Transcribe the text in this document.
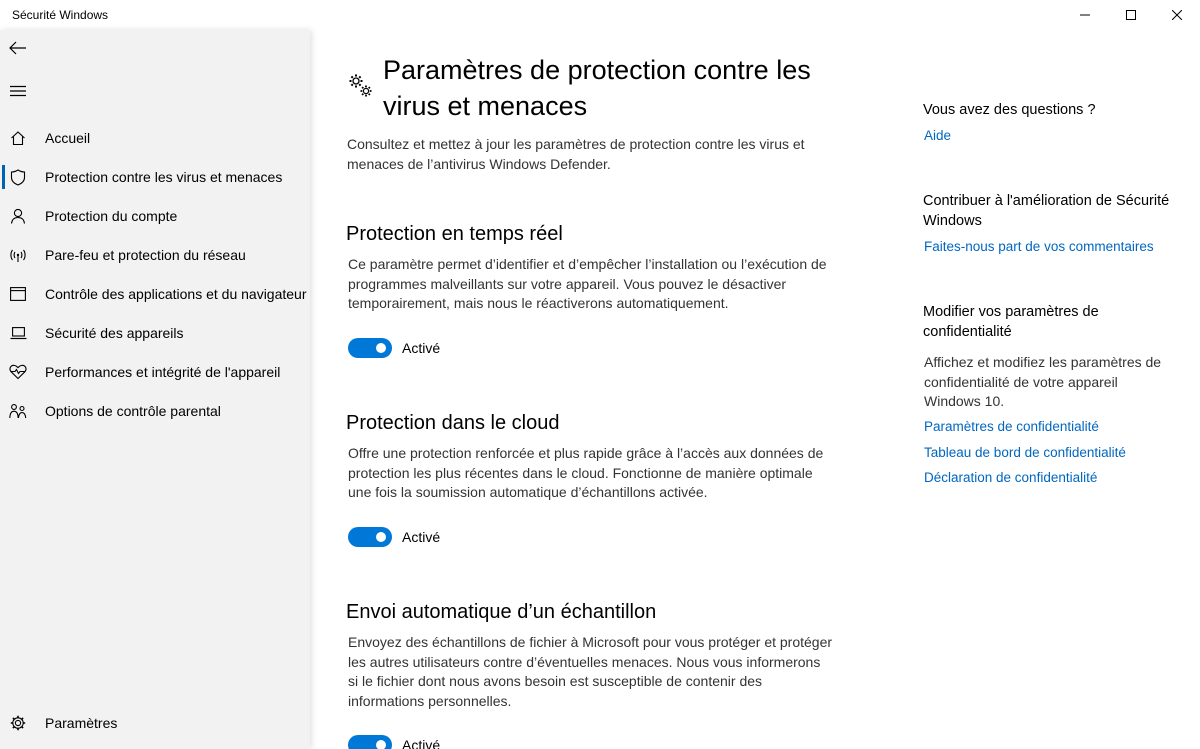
Sécurité Windows
Accueil
Protection contre les virus et menaces
Protection du compte
Pare-feu et protection du réseau
Contrôle des applications et du navigateur
Sécurité des appareils
Performances et intégrité de l'appareil
Options de contrôle parental
Paramètres
Paramètres de protection contre les virus et menaces

Consultez et mettez à jour les paramètres de protection contre les virus et menaces de l’antivirus Windows Defender.

Protection en temps réel

Ce paramètre permet d’identifier et d’empêcher l’installation ou l’exécution de programmes malveillants sur votre appareil. Vous pouvez le désactiver temporairement, mais nous le réactiverons automatiquement.

Activé
Protection dans le cloud

Offre une protection renforcée et plus rapide grâce à l’accès aux données de protection les plus récentes dans le cloud. Fonctionne de manière optimale une fois la soumission automatique d’échantillons activée.

Activé
Envoi automatique d’un échantillon

Envoyez des échantillons de fichier à Microsoft pour vous protéger et protéger les autres utilisateurs contre d’éventuelles menaces. Nous vous informerons si le fichier dont nous avons besoin est susceptible de contenir des informations personnelles.

Activé
Vous avez des questions ?
Aide
Contribuer à l'amélioration de Sécurité Windows
Faites-nous part de vos commentaires
Modifier vos paramètres de confidentialité

Affichez et modifiez les paramètres de confidentialité de votre appareil Windows 10.

Paramètres de confidentialité
Tableau de bord de confidentialité
Déclaration de confidentialité
